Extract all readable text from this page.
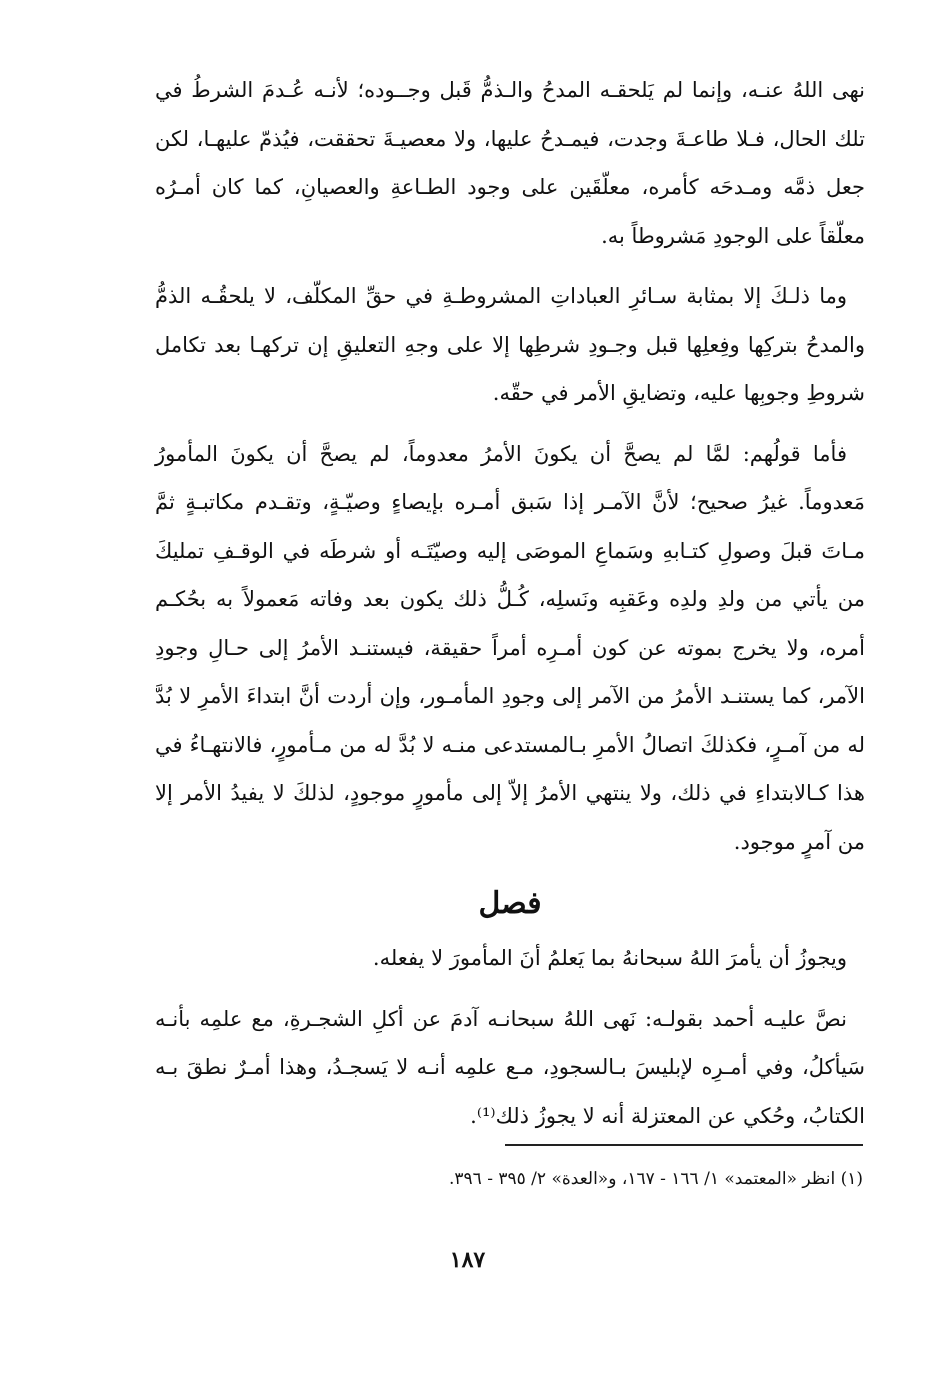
نهى اللهُ عنـه، وإنما لم يَلحقـه المدحُ والـذمُّ قَبل وجــوده؛ لأنـه عُـدمَ الشرطُ في تلك الحال، فـلا طاعـةَ وجدت، فيمـدحُ عليها، ولا معصيـةَ تحققت، فيُذمّ عليهـا، لكن جعل ذمَّه ومـدحَه كأمره، معلّقَين على وجود الطـاعةِ والعصيانِ، كما كان أمـرُه معلّقاً على الوجودِ مَشروطاً به.

وما ذلـكَ إلا بمثابة سـائرِ العباداتِ المشروطـةِ في حقِّ المكلّف، لا يلحقُـه الذمُّ والمدحُ بتركِها وفِعلِها قبل وجـودِ شرطِها إلا على وجهِ التعليقِ إن تركهـا بعد تكامل شروطِ وجوبِها عليه، وتضايقِ الأمر في حقّه.

فأما قولُهم: لمَّا لم يصحَّ أن يكونَ الأمرُ معدوماً، لم يصحَّ أن يكونَ المأمورُ مَعدوماً. غيرُ صحيح؛ لأنَّ الآمـر إذا سَبق أمـره بإيصاءٍ وصيّـةٍ، وتقـدم مكاتبـةٍ ثمَّ مـاتَ قبلَ وصولِ كتـابهِ وسَماعِ الموصَى إليه وصيّتَـه أو شرطَه في الوقـفِ تمليكَ من يأتي من ولدِ ولدِه وعَقبِه ونَسلِه، كُـلُّ ذلك يكون بعد وفاته مَعمولاً به بحُكـم أمره، ولا يخرج بموته عن كون أمـرِه أمراً حقيقة، فيستنـد الأمرُ إلى حـالِ وجودِ الآمر، كما يستنـد الأمرُ من الآمر إلى وجودِ المأمـور، وإن أردت أنَّ ابتداءَ الأمرِ لا بُدَّ له من آمـرٍ، فكذلكَ اتصالُ الأمرِ بـالمستدعى منـه لا بُدَّ له من مـأمورٍ، فالانتهـاءُ في هذا كـالابتداءِ في ذلك، ولا ينتهي الأمرُ إلاّ إلى مأمورٍ موجودٍ، لذلكَ لا يفيدُ الأمر إلا من آمرٍ موجود.

فصل

ويجوزُ أن يأمرَ اللهُ سبحانهُ بما يَعلمُ أنَ المأمورَ لا يفعله.

نصَّ عليـه أحمد بقولـه: نَهى اللهُ سبحانـه آدمَ عن أكلِ الشجـرةِ، مع علمِه بأنـه سَيأكلُ، وفي أمـرِه لإبليسَ بـالسجودِ، مـع علمِه أنـه لا يَسجـدُ، وهذا أمـرٌ نطقَ بـه الكتابُ، وحُكي عن المعتزلة أنه لا يجوزُ ذلك⁽¹⁾.

(١) انظر «المعتمد» ١/ ١٦٦ - ١٦٧، و«العدة» ٢/ ٣٩٥ - ٣٩٦.
١٨٧
